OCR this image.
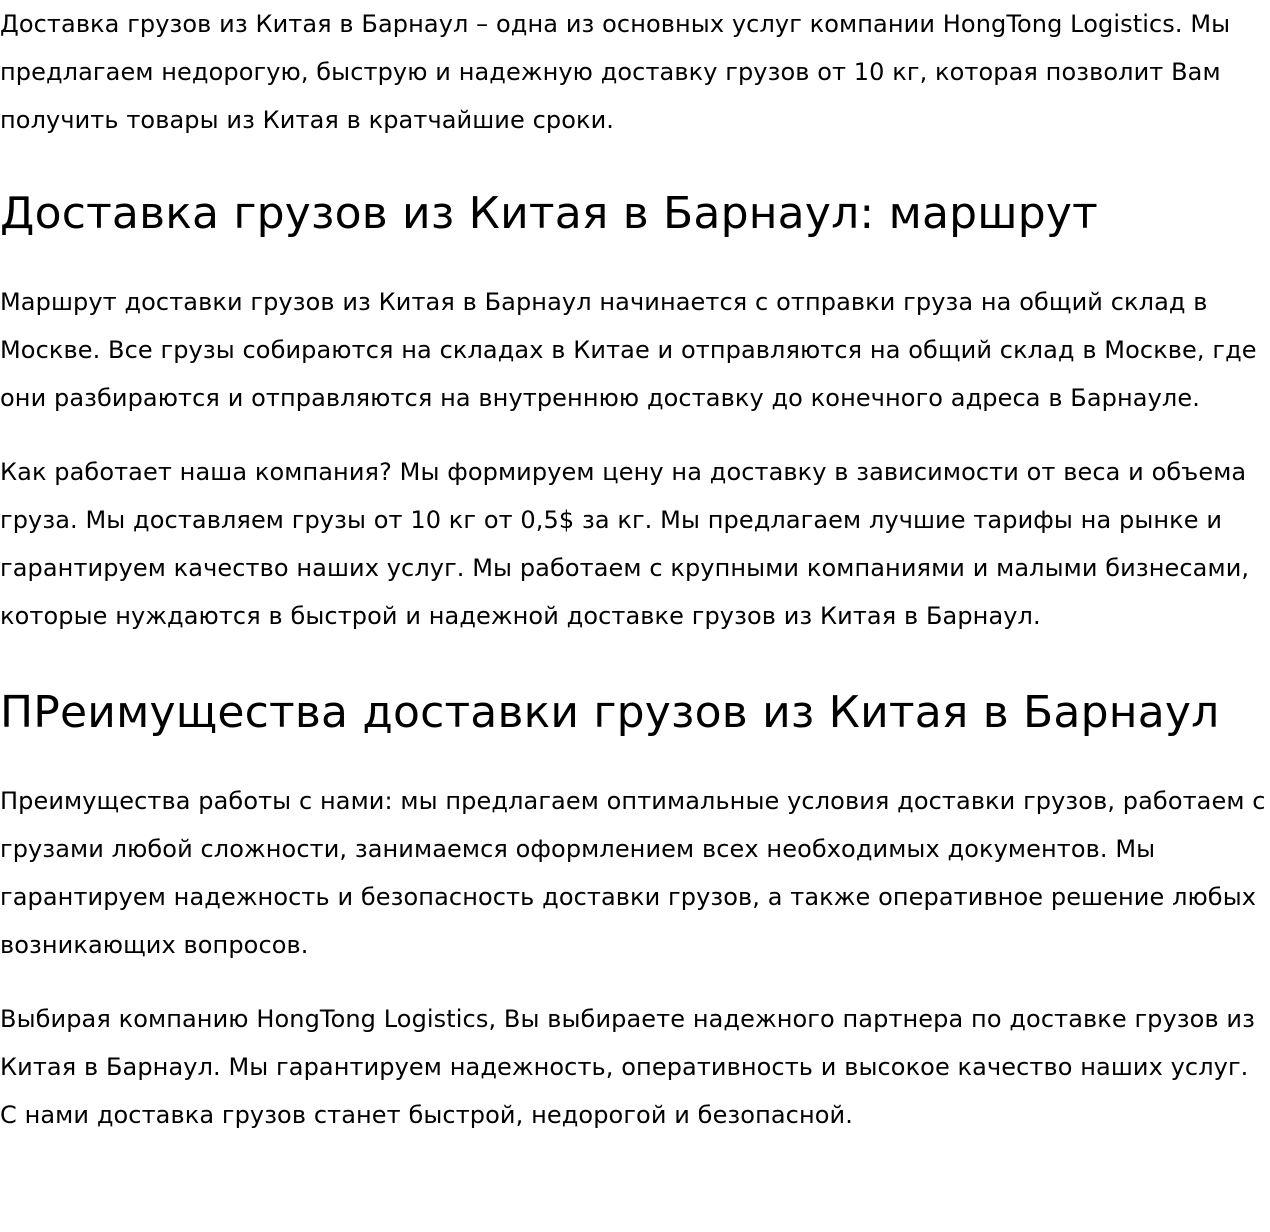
Доставка грузов из Китая в Барнаул – одна из основных услуг компании HongTong Logistics. Мы предлагаем недорогую, быструю и надежную доставку грузов от 10 кг, которая позволит Вам получить товары из Китая в кратчайшие сроки.

Доставка грузов из Китая в Барнаул: маршрут

Маршрут доставки грузов из Китая в Барнаул начинается с отправки груза на общий склад в Москве. Все грузы собираются на складах в Китае и отправляются на общий склад в Москве, где они разбираются и отправляются на внутреннюю доставку до конечного адреса в Барнауле.

Как работает наша компания? Мы формируем цену на доставку в зависимости от веса и объема груза. Мы доставляем грузы от 10 кг от 0,5$ за кг. Мы предлагаем лучшие тарифы на рынке и гарантируем качество наших услуг. Мы работаем с крупными компаниями и малыми бизнесами, которые нуждаются в быстрой и надежной доставке грузов из Китая в Барнаул.

ПРеимущества доставки грузов из Китая в Барнаул

Преимущества работы с нами: мы предлагаем оптимальные условия доставки грузов, работаем с грузами любой сложности, занимаемся оформлением всех необходимых документов. Мы гарантируем надежность и безопасность доставки грузов, а также оперативное решение любых возникающих вопросов.

Выбирая компанию HongTong Logistics, Вы выбираете надежного партнера по доставке грузов из Китая в Барнаул. Мы гарантируем надежность, оперативность и высокое качество наших услуг. С нами доставка грузов станет быстрой, недорогой и безопасной.
